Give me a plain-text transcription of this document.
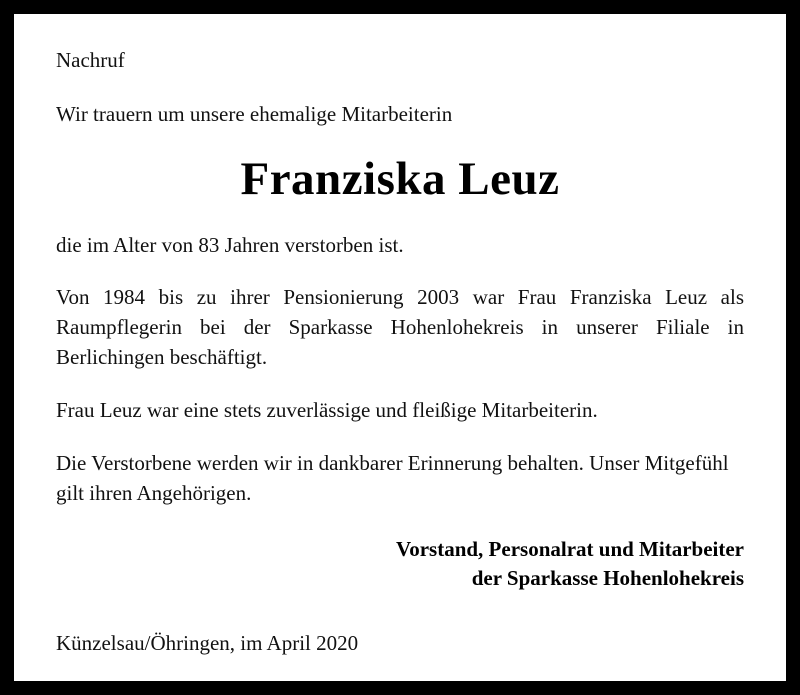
Nachruf
Wir trauern um unsere ehemalige Mitarbeiterin
Franziska Leuz
die im Alter von 83 Jahren verstorben ist.
Von 1984 bis zu ihrer Pensionierung 2003 war Frau Franziska Leuz als Raumpflegerin bei der Sparkasse Hohenlohekreis in unserer Filiale in Berlichingen beschäftigt.
Frau Leuz war eine stets zuverlässige und fleißige Mitarbeiterin.
Die Verstorbene werden wir in dankbarer Erinnerung behalten. Unser Mitgefühl gilt ihren Angehörigen.
Vorstand, Personalrat und Mitarbeiter
der Sparkasse Hohenlohekreis
Künzelsau/Öhringen, im April 2020
